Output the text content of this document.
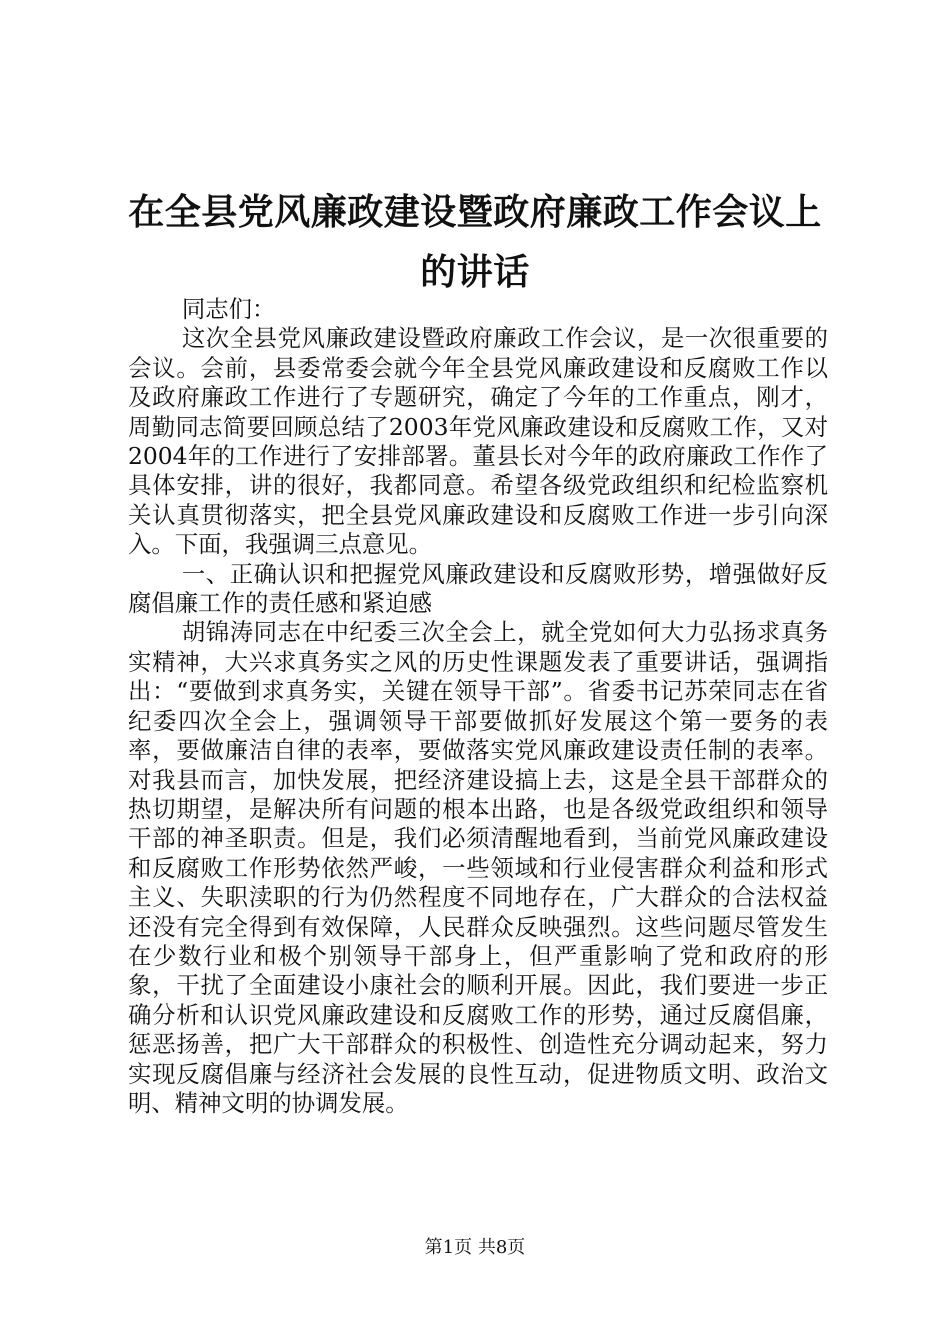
在全县党风廉政建设暨政府廉政工作会议上的讲话

同志们：

这次全县党风廉政建设暨政府廉政工作会议，是一次很重要的会议。会前，县委常委会就今年全县党风廉政建设和反腐败工作以及政府廉政工作进行了专题研究，确定了今年的工作重点，刚才，周勤同志简要回顾总结了2003年党风廉政建设和反腐败工作，又对2004年的工作进行了安排部署。董县长对今年的政府廉政工作作了具体安排，讲的很好，我都同意。希望各级党政组织和纪检监察机关认真贯彻落实，把全县党风廉政建设和反腐败工作进一步引向深入。下面，我强调三点意见。

一、正确认识和把握党风廉政建设和反腐败形势，增强做好反腐倡廉工作的责任感和紧迫感

胡锦涛同志在中纪委三次全会上，就全党如何大力弘扬求真务实精神，大兴求真务实之风的历史性课题发表了重要讲话，强调指出：“要做到求真务实，关键在领导干部”。省委书记苏荣同志在省纪委四次全会上，强调领导干部要做抓好发展这个第一要务的表率，要做廉洁自律的表率，要做落实党风廉政建设责任制的表率。对我县而言，加快发展，把经济建设搞上去，这是全县干部群众的热切期望，是解决所有问题的根本出路，也是各级党政组织和领导干部的神圣职责。但是，我们必须清醒地看到，当前党风廉政建设和反腐败工作形势依然严峻，一些领域和行业侵害群众利益和形式主义、失职渎职的行为仍然程度不同地存在，广大群众的合法权益还没有完全得到有效保障，人民群众反映强烈。这些问题尽管发生在少数行业和极个别领导干部身上，但严重影响了党和政府的形象，干扰了全面建设小康社会的顺利开展。因此，我们要进一步正确分析和认识党风廉政建设和反腐败工作的形势，通过反腐倡廉，惩恶扬善，把广大干部群众的积极性、创造性充分调动起来，努力实现反腐倡廉与经济社会发展的良性互动，促进物质文明、政治文明、精神文明的协调发展。

第1页 共8页
